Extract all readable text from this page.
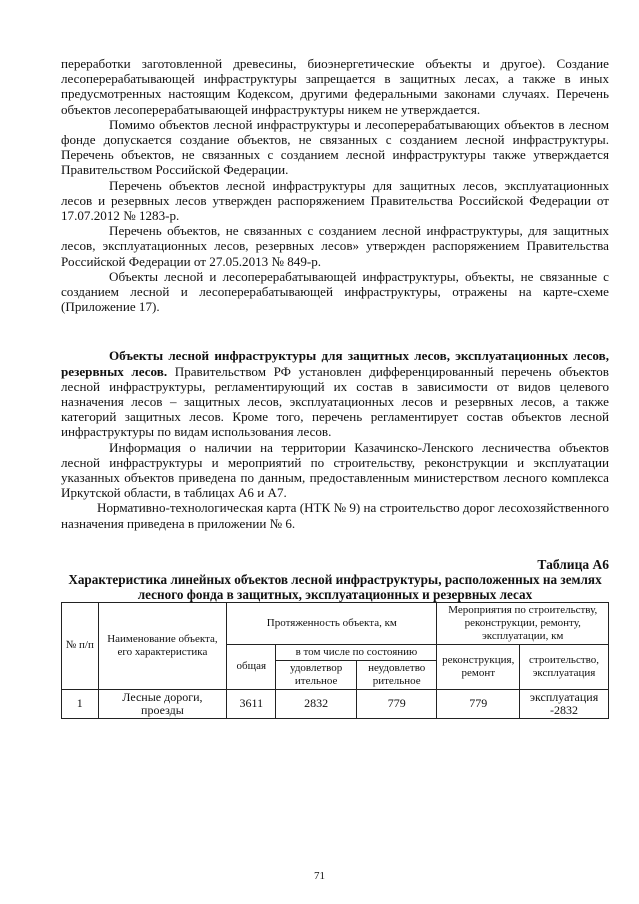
переработки заготовленной древесины, биоэнергетические объекты и другое). Создание лесоперерабатывающей инфраструктуры запрещается в защитных лесах, а также в иных предусмотренных настоящим Кодексом, другими федеральными законами случаях. Перечень объектов лесоперерабатывающей инфраструктуры никем не утверждается.

Помимо объектов лесной инфраструктуры и лесоперерабатывающих объектов в лесном фонде допускается создание объектов, не связанных с созданием лесной инфраструктуры. Перечень объектов, не связанных с созданием лесной инфраструктуры также утверждается Правительством Российской Федерации.

Перечень объектов лесной инфраструктуры для защитных лесов, эксплуатационных лесов и резервных лесов утвержден распоряжением Правительства Российской Федерации от 17.07.2012 № 1283-р.

Перечень объектов, не связанных с созданием лесной инфраструктуры, для защитных лесов, эксплуатационных лесов, резервных лесов» утвержден распоряжением Правительства Российской Федерации от 27.05.2013 № 849-р.

Объекты лесной и лесоперерабатывающей инфраструктуры, объекты, не связанные с созданием лесной и лесоперерабатывающей инфраструктуры, отражены на карте-схеме (Приложение 17).

Объекты лесной инфраструктуры для защитных лесов, эксплуатационных лесов, резервных лесов. Правительством РФ установлен дифференцированный перечень объектов лесной инфраструктуры, регламентирующий их состав в зависимости от видов целевого назначения лесов – защитных лесов, эксплуатационных лесов и резервных лесов, а также категорий защитных лесов. Кроме того, перечень регламентирует состав объектов лесной инфраструктуры по видам использования лесов.

Информация о наличии на территории Казачинско-Ленского лесничества объектов лесной инфраструктуры и мероприятий по строительству, реконструкции и эксплуатации указанных объектов приведена по данным, предоставленным министерством лесного комплекса Иркутской области, в таблицах А6 и А7.

Нормативно-технологическая карта (НТК № 9) на строительство дорог лесохозяйственного назначения приведена в приложении № 6.

Таблица А6

Характеристика линейных объектов лесной инфраструктуры, расположенных на землях лесного фонда в защитных, эксплуатационных и резервных лесах

№ п/п	Наименование объекта, его характеристика	Протяженность объекта, км			Мероприятия по строительству, реконструкции, ремонту, эксплуатации, км	
		общая	в том числе по состоянию		реконструкция, ремонт	строительство, эксплуатация
			удовлетвор ительное	неудовлетво рительное		
1	Лесные дороги, проезды	3611	2832	779	779	эксплуатация -2832
71
